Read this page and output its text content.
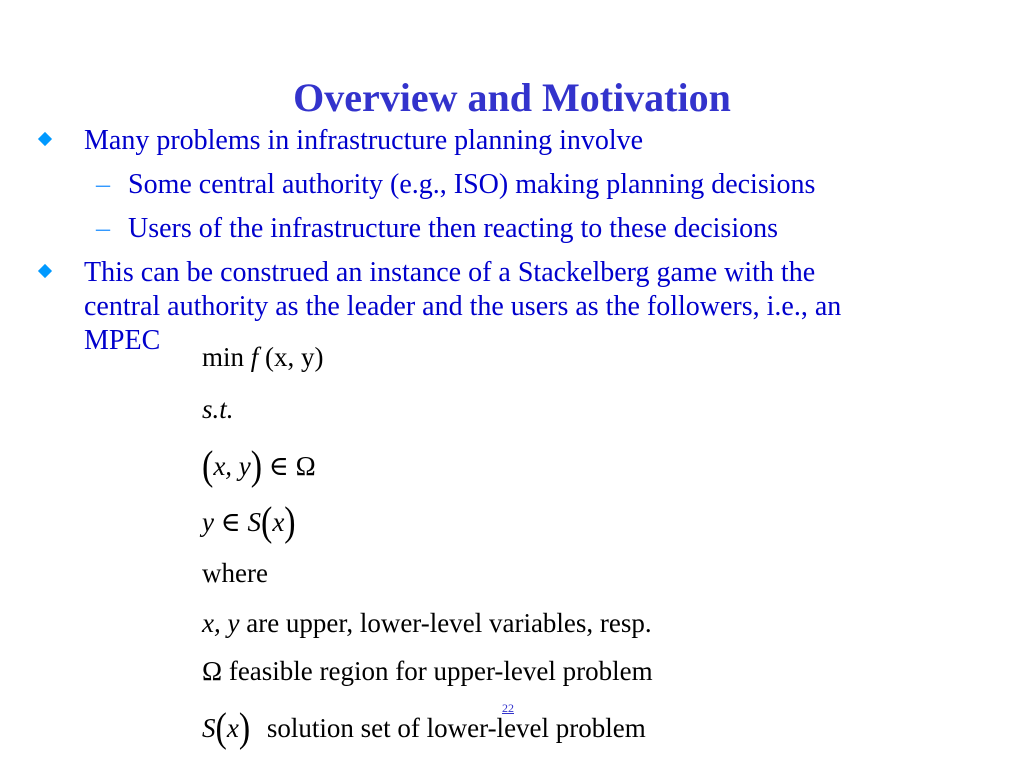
Overview and Motivation
Many problems in infrastructure planning involve
– Some central authority (e.g., ISO) making planning decisions
– Users of the infrastructure then reacting to these decisions
This can be construed an instance of a Stackelberg game with the
central authority as the leader and the users as the followers, i.e., an
MPEC
min f (x, y)
s.t.
(x, y) ∈ Ω
y ∈ S(x)
where
x, y are upper, lower-level variables, resp.
Ω feasible region for upper-level problem
S(x) solution set of lower-level problem
22
